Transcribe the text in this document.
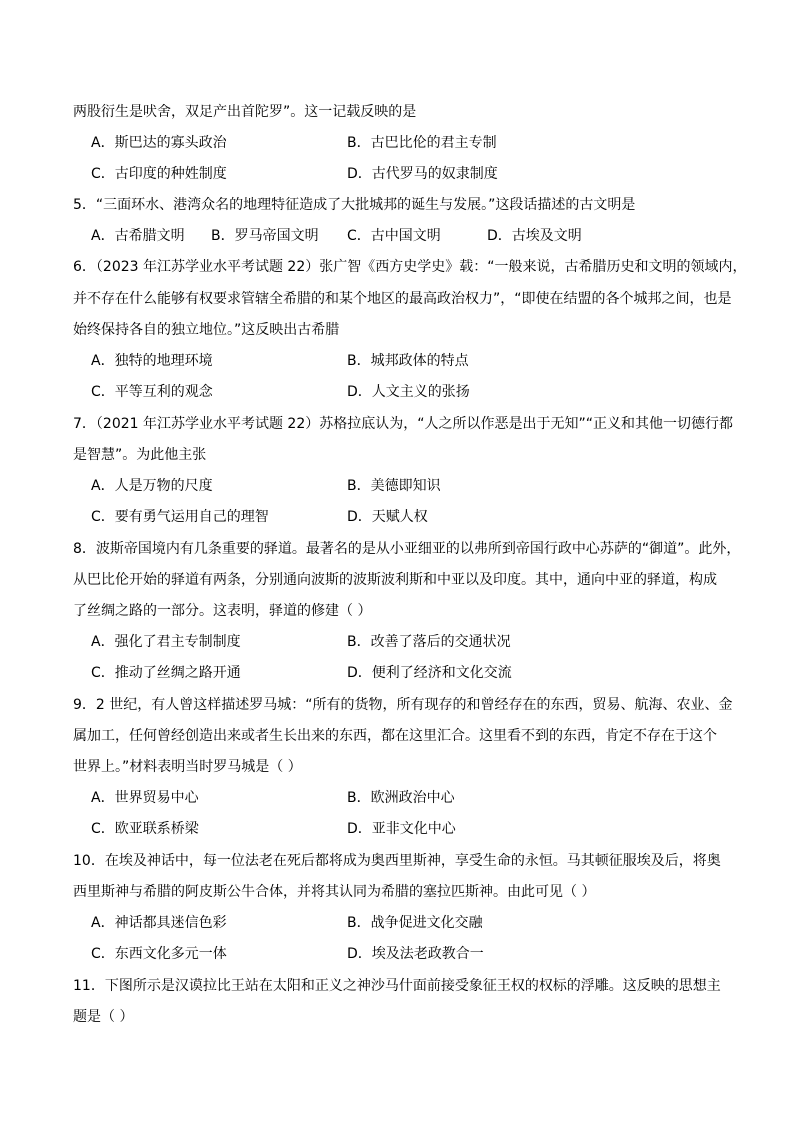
两股衍生是吠舍，双足产出首陀罗”。这一记载反映的是
A．斯巴达的寡头政治	B．古巴比伦的君主专制
C．古印度的种姓制度	D．古代罗马的奴隶制度
5．“三面环水、港湾众名的地理特征造成了大批城邦的诞生与发展。”这段话描述的古文明是
A．古希腊文明 B．罗马帝国文明 C．古中国文明	D．古埃及文明
6．（2023 年江苏学业水平考试题 22）张广智《西方史学史》载：“一般来说，古希腊历史和文明的领域内，
并不存在什么能够有权要求管辖全希腊的和某个地区的最高政治权力”，“即使在结盟的各个城邦之间，也是
始终保持各自的独立地位。”这反映出古希腊
A．独特的地理环境	B．城邦政体的特点
C．平等互利的观念	D．人文主义的张扬
7．（2021 年江苏学业水平考试题 22）苏格拉底认为，“人之所以作恶是出于无知”“正义和其他一切德行都
是智慧”。为此他主张
A．人是万物的尺度	B．美德即知识
C．要有勇气运用自己的理智	D．天赋人权
8．波斯帝国境内有几条重要的驿道。最著名的是从小亚细亚的以弗所到帝国行政中心苏萨的“御道”。此外，
从巴比伦开始的驿道有两条，分别通向波斯的波斯波利斯和中亚以及印度。其中，通向中亚的驿道，构成
了丝绸之路的一部分。这表明，驿道的修建（ ）
A．强化了君主专制制度	B．改善了落后的交通状况
C．推动了丝绸之路开通	D．便利了经济和文化交流
9．2 世纪，有人曾这样描述罗马城：“所有的货物，所有现存的和曾经存在的东西，贸易、航海、农业、金
属加工，任何曾经创造出来或者生长出来的东西，都在这里汇合。这里看不到的东西，肯定不存在于这个
世界上。”材料表明当时罗马城是（ ）
A．世界贸易中心	B．欧洲政治中心
C．欧亚联系桥梁	D．亚非文化中心
10．在埃及神话中，每一位法老在死后都将成为奥西里斯神，享受生命的永恒。马其顿征服埃及后，将奥
西里斯神与希腊的阿皮斯公牛合体，并将其认同为希腊的塞拉匹斯神。由此可见（ ）
A．神话都具迷信色彩	B．战争促进文化交融
C．东西文化多元一体	D．埃及法老政教合一
11．下图所示是汉谟拉比王站在太阳和正义之神沙马什面前接受象征王权的权标的浮雕。这反映的思想主
题是（ ）
